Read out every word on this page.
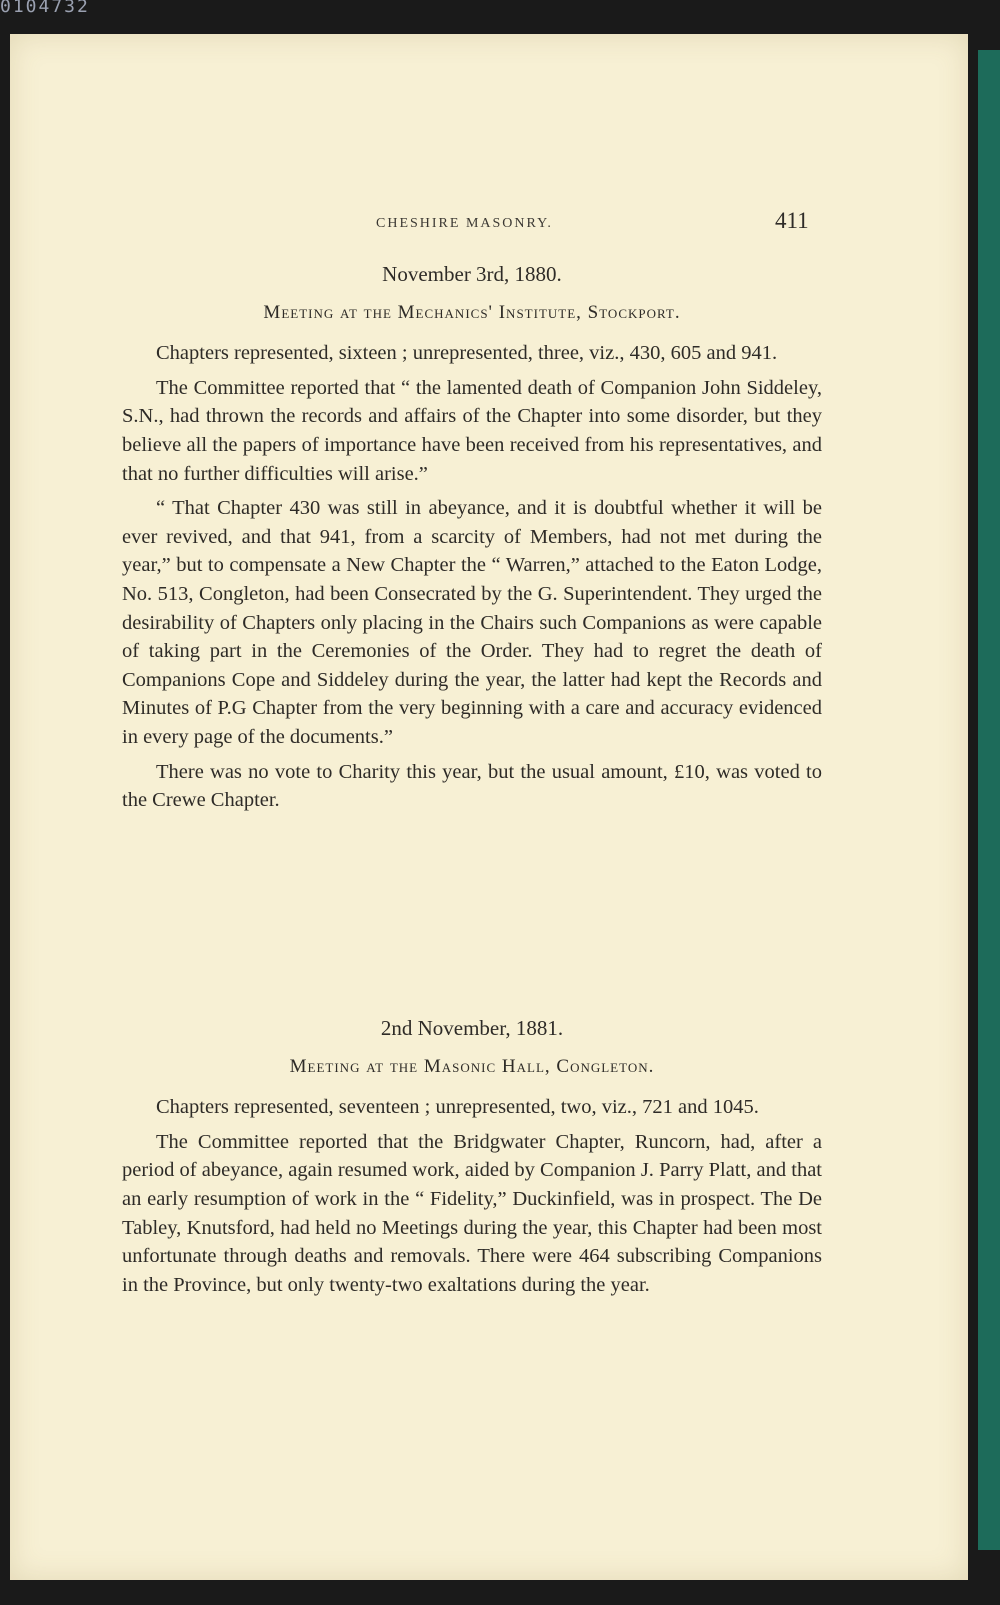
0104732
CHESHIRE MASONRY.	411
November 3rd, 1880.
Meeting at the Mechanics' Institute, Stockport.

Chapters represented, sixteen ; unrepresented, three, viz., 430, 605 and 941.

The Committee reported that “ the lamented death of Companion John Siddeley, S.N., had thrown the records and affairs of the Chapter into some disorder, but they believe all the papers of importance have been received from his representatives, and that no further difficulties will arise.”

“ That Chapter 430 was still in abeyance, and it is doubtful whether it will be ever revived, and that 941, from a scarcity of Members, had not met during the year,” but to compensate a New Chapter the “ Warren,” attached to the Eaton Lodge, No. 513, Congleton, had been Consecrated by the G. Superintendent. They urged the desirability of Chapters only placing in the Chairs such Companions as were capable of taking part in the Ceremonies of the Order. They had to regret the death of Companions Cope and Siddeley during the year, the latter had kept the Records and Minutes of P.G Chapter from the very beginning with a care and accuracy evidenced in every page of the documents.”

There was no vote to Charity this year, but the usual amount, £10, was voted to the Crewe Chapter.

2nd November, 1881.
Meeting at the Masonic Hall, Congleton.

Chapters represented, seventeen ; unrepresented, two, viz., 721 and 1045.

The Committee reported that the Bridgwater Chapter, Runcorn, had, after a period of abeyance, again resumed work, aided by Companion J. Parry Platt, and that an early resumption of work in the “ Fidelity,” Duckinfield, was in prospect. The De Tabley, Knutsford, had held no Meetings during the year, this Chapter had been most unfortunate through deaths and removals. There were 464 subscribing Companions in the Province, but only twenty-two exaltations during the year.
